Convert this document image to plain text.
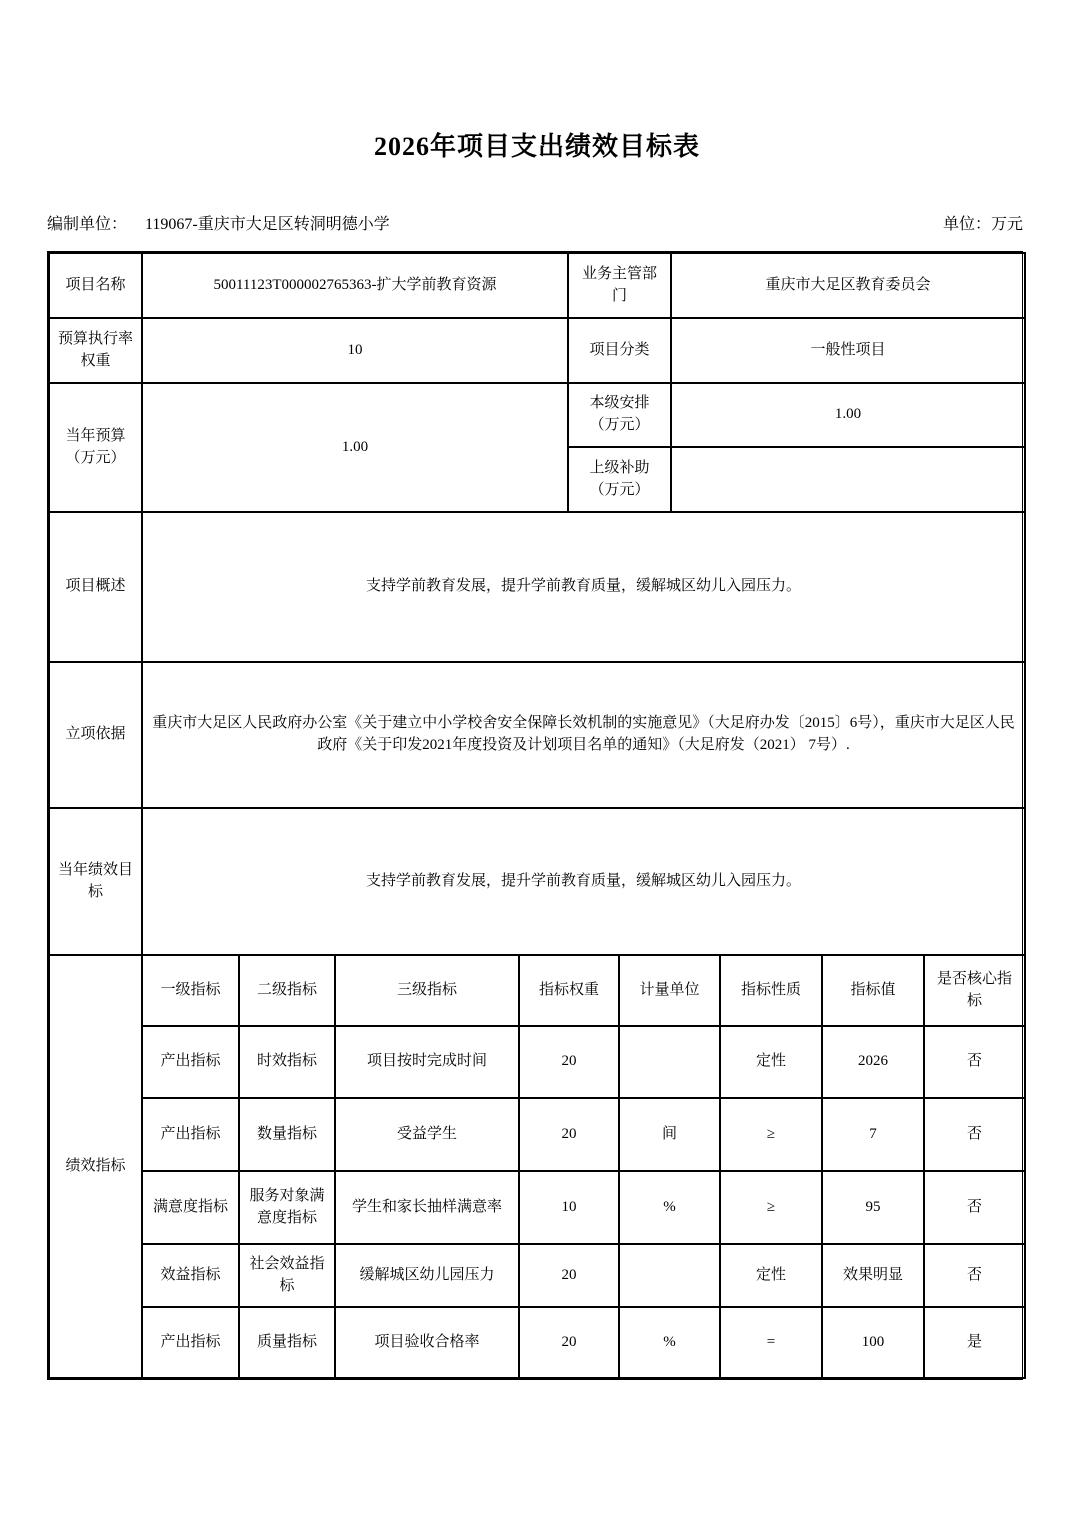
2026年项目支出绩效目标表
编制单位： 119067-重庆市大足区转洞明德小学	单位：万元
项目名称	50011123T000002765363-扩大学前教育资源	业务主管部门	重庆市大足区教育委员会
预算执行率权重	10	项目分类	一般性项目
当年预算（万元）	1.00	本级安排（万元）	1.00
		上级补助（万元）	
项目概述	支持学前教育发展，提升学前教育质量，缓解城区幼儿入园压力。		
立项依据	重庆市大足区人民政府办公室《关于建立中小学校舍安全保障长效机制的实施意见》（大足府办发〔2015〕6号），重庆市大足区人民政府《关于印发2021年度投资及计划项目名单的通知》（大足府发（2021） 7号）.		
当年绩效目标	支持学前教育发展，提升学前教育质量，缓解城区幼儿入园压力。		
绩效指标	一级指标	二级指标	三级指标	指标权重	计量单位	指标性质	指标值	是否核心指标
	产出指标	时效指标	项目按时完成时间	20		定性	2026	否
	产出指标	数量指标	受益学生	20	间	≥	7	否
	满意度指标	服务对象满意度指标	学生和家长抽样满意率	10	%	≥	95	否
	效益指标	社会效益指标	缓解城区幼儿园压力	20		定性	效果明显	否
	产出指标	质量指标	项目验收合格率	20	%	=	100	是
